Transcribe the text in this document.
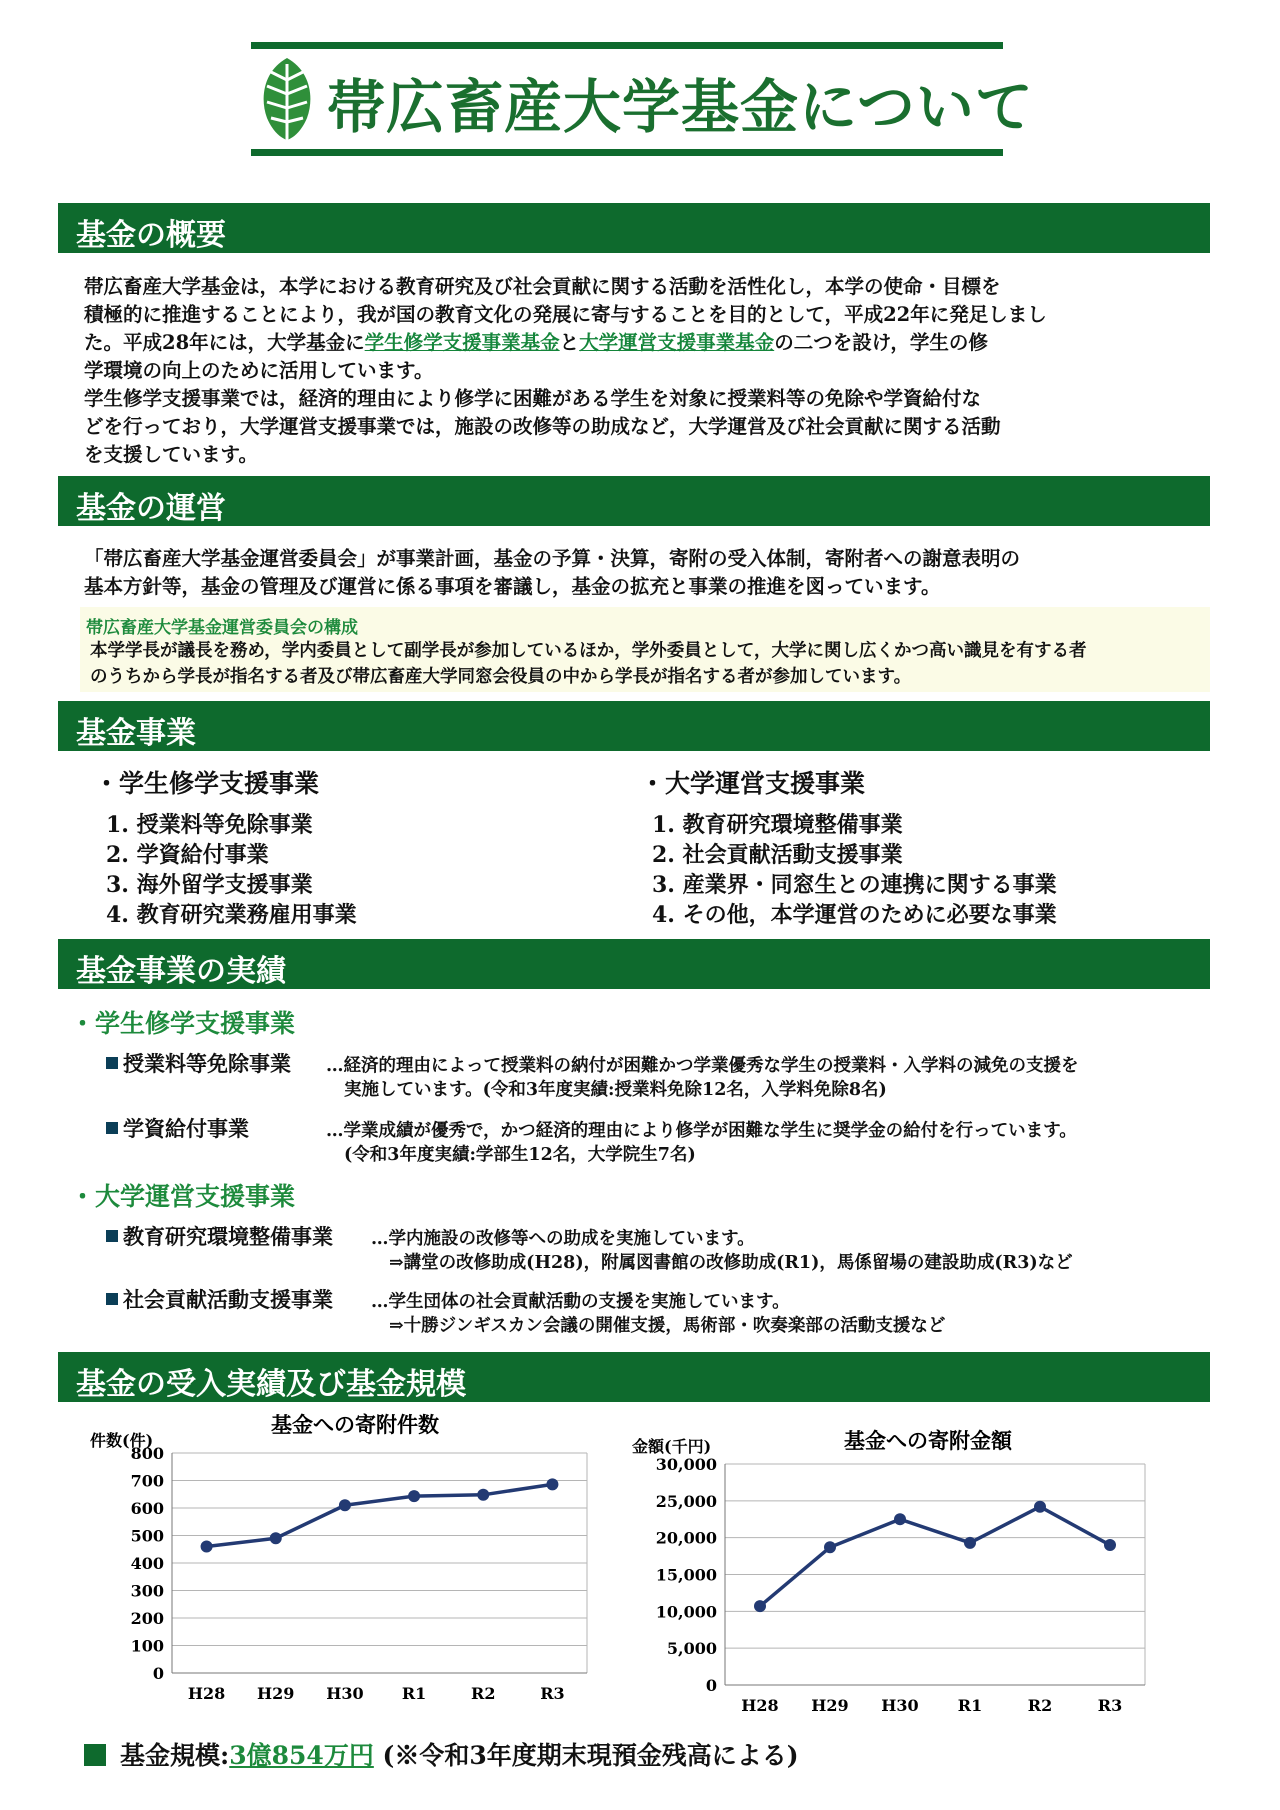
帯広畜産大学基金について
基金の概要
帯広畜産大学基金は，本学における教育研究及び社会貢献に関する活動を活性化し，本学の使命・目標を
積極的に推進することにより，我が国の教育文化の発展に寄与することを目的として，平成22年に発足しまし
た。平成28年には，大学基金に学生修学支援事業基金と大学運営支援事業基金の二つを設け，学生の修
学環境の向上のために活用しています。
学生修学支援事業では，経済的理由により修学に困難がある学生を対象に授業料等の免除や学資給付な
どを行っており，大学運営支援事業では，施設の改修等の助成など，大学運営及び社会貢献に関する活動
を支援しています。
基金の運営
「帯広畜産大学基金運営委員会」が事業計画，基金の予算・決算，寄附の受入体制，寄附者への謝意表明の
基本方針等，基金の管理及び運営に係る事項を審議し，基金の拡充と事業の推進を図っています。
帯広畜産大学基金運営委員会の構成
本学学長が議長を務め，学内委員として副学長が参加しているほか，学外委員として，大学に関し広くかつ高い識見を有する者
のうちから学長が指名する者及び帯広畜産大学同窓会役員の中から学長が指名する者が参加しています。
基金事業
・学生修学支援事業
1. 授業料等免除事業
2. 学資給付事業
3. 海外留学支援事業
4. 教育研究業務雇用事業
・大学運営支援事業
1. 教育研究環境整備事業
2. 社会貢献活動支援事業
3. 産業界・同窓生との連携に関する事業
4. その他，本学運営のために必要な事業
基金事業の実績
・学生修学支援事業
授業料等免除事業 …経済的理由によって授業料の納付が困難かつ学業優秀な学生の授業料・入学料の減免の支援を
実施しています。(令和3年度実績:授業料免除12名，入学料免除8名)
学資給付事業	…学業成績が優秀で，かつ経済的理由により修学が困難な学生に奨学金の給付を行っています。
(令和3年度実績:学部生12名，大学院生7名)
・大学運営支援事業
教育研究環境整備事業 …学内施設の改修等への助成を実施しています。
⇒講堂の改修助成(H28)，附属図書館の改修助成(R1)，馬係留場の建設助成(R3)など
社会貢献活動支援事業 …学生団体の社会貢献活動の支援を実施しています。
⇒十勝ジンギスカン会議の開催支援，馬術部・吹奏楽部の活動支援など
基金の受入実績及び基金規模
基金への寄附件数
件数(件)
0
100
200
300
400
500
600
700
800
H28 H29 H30 R1	R2	R3
基金への寄附金額
金額(千円)
0
5,000
10,000
15,000
20,000
25,000
30,000
H28 H29 H30 R1	R2	R3
基金規模:3億854万円 (※令和3年度期末現預金残高による)
